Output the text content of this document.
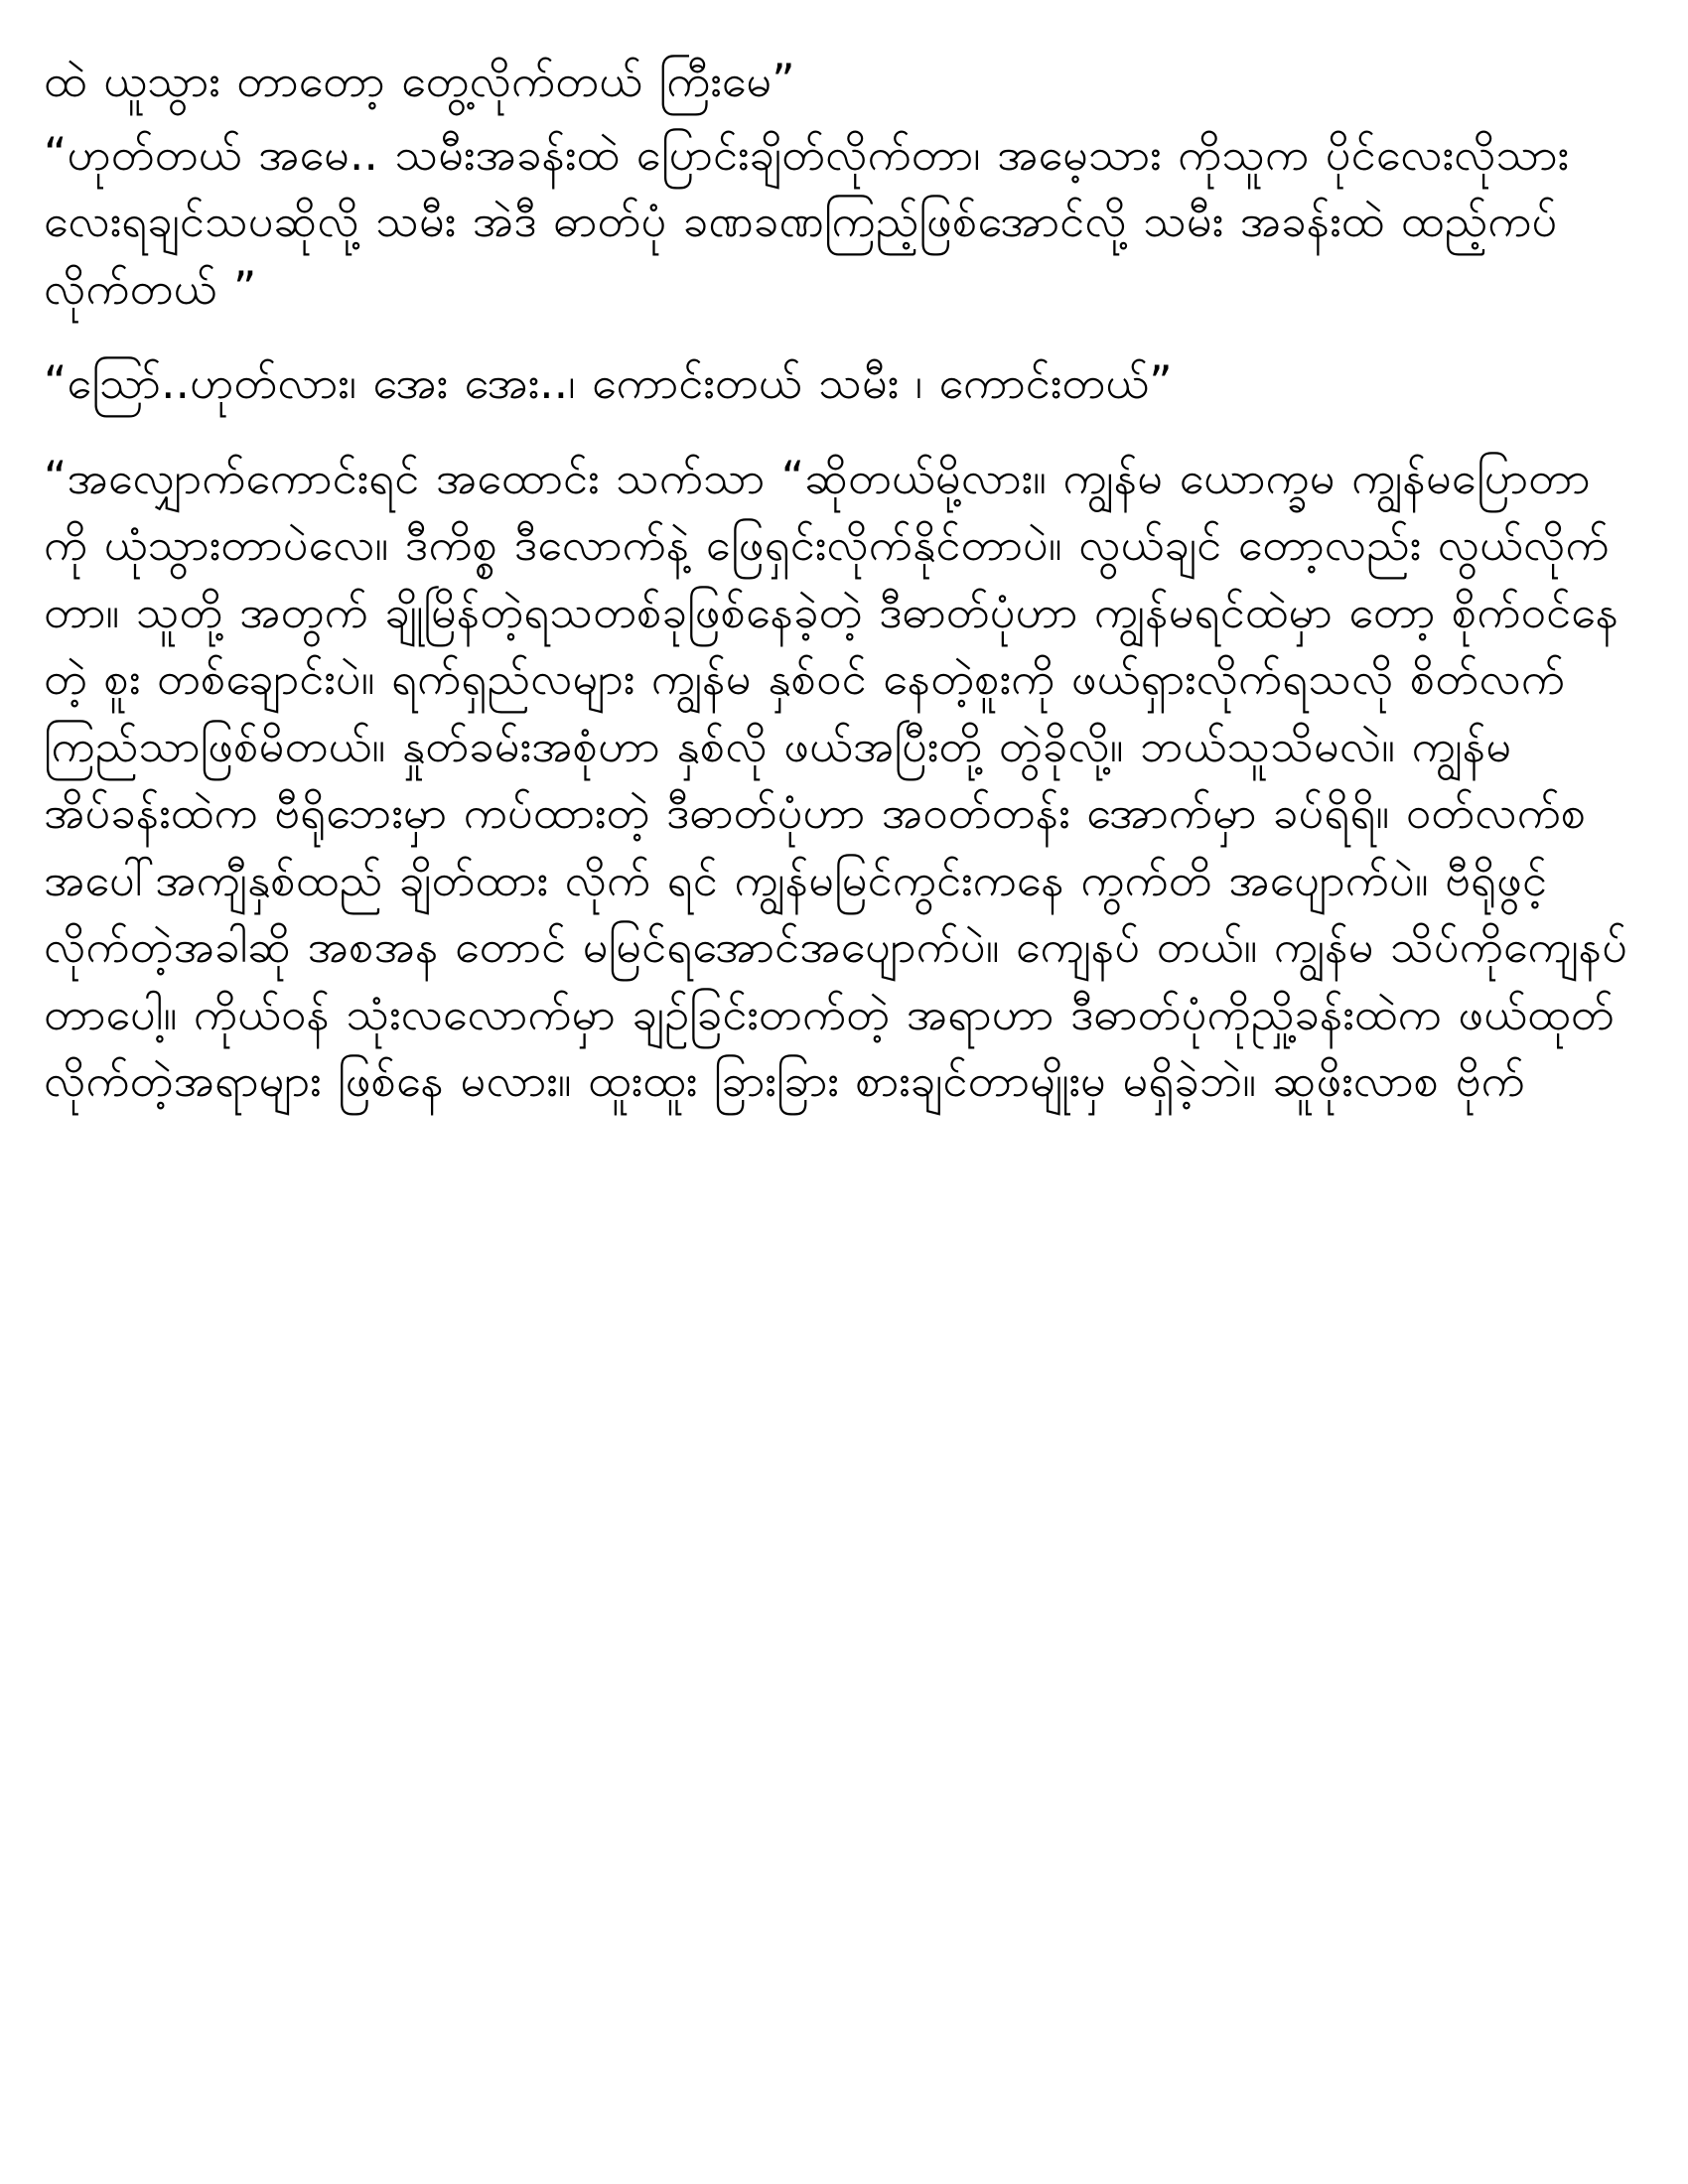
ထဲ ယူသွား တာတော့ တွေ့လိုက်တယ် ကြီးမေ”

“ဟုတ်တယ် အမေ.. သမီးအခန်းထဲ ပြောင်းချိတ်လိုက်တာ၊ အမေ့သား ကိုသူက ပိုင်လေးလိုသားလေးရချင်သပဆိုလို့ သမီး အဲဒီ ဓာတ်ပုံ ခဏခဏကြည့်ဖြစ်အောင်လို့ သမီး အခန်းထဲ ထည့်ကပ်လိုက်တယ် ”

“ဪ..ဟုတ်လား၊ အေး အေး..၊ ကောင်းတယ် သမီး ၊ ကောင်းတယ်”

“အလျှောက်ကောင်းရင် အထောင်း သက်သာ “ဆိုတယ်မို့လား။ ကျွန်မ ယောက္ခမ ကျွန်မပြောတာကို ယုံသွားတာပဲလေ။ ဒီကိစ္စ ဒီလောက်နဲ့ ဖြေရှင်းလိုက်နိုင်တာပဲ။ လွယ်ချင် တော့လည်း လွယ်လိုက်တာ။ သူတို့ အတွက် ချိုမြိန်တဲ့ရသတစ်ခုဖြစ်နေခဲ့တဲ့ ဒီဓာတ်ပုံဟာ ကျွန်မရင်ထဲမှာ တော့ စိုက်ဝင်နေတဲ့ စူး တစ်ချောင်းပဲ။ ရက်ရှည်လများ ကျွန်မ နှစ်ဝင် နေတဲ့စူးကို ဖယ်ရှားလိုက်ရသလို စိတ်လက် ကြည်သာဖြစ်မိတယ်။ နှုတ်ခမ်းအစုံဟာ နှစ်လို ဖယ်အပြီးတို့ တွဲခိုလို့။ ဘယ်သူသိမလဲ။ ကျွန်မ အိပ်ခန်းထဲက ဗီရိုဘေးမှာ ကပ်ထားတဲ့ ဒီဓာတ်ပုံဟာ အဝတ်တန်း အောက်မှာ ခပ်ရိရိ။ ဝတ်လက်စ အပေါ်အကျီနှစ်ထည် ချိတ်ထား လိုက် ရင် ကျွန်မမြင်ကွင်းကနေ ကွက်တိ အပျောက်ပဲ။ ဗီရိုဖွင့်လိုက်တဲ့အခါဆို အစအန တောင် မမြင်ရအောင်အပျောက်ပဲ။ ကျေနပ် တယ်။ ကျွန်မ သိပ်ကိုကျေနပ်တာပေါ့။ ကိုယ်ဝန် သုံးလလောက်မှာ ချဉ်ခြင်းတက်တဲ့ အရာဟာ ဒီဓာတ်ပုံကိုညှို့ခန်းထဲက ဖယ်ထုတ် လိုက်တဲ့အရာများ ဖြစ်နေ မလား။ ထူးထူး ခြားခြား စားချင်တာမျိုးမှ မရှိခဲ့ဘဲ။ ဆူဖိုးလာစ ဗိုက်
